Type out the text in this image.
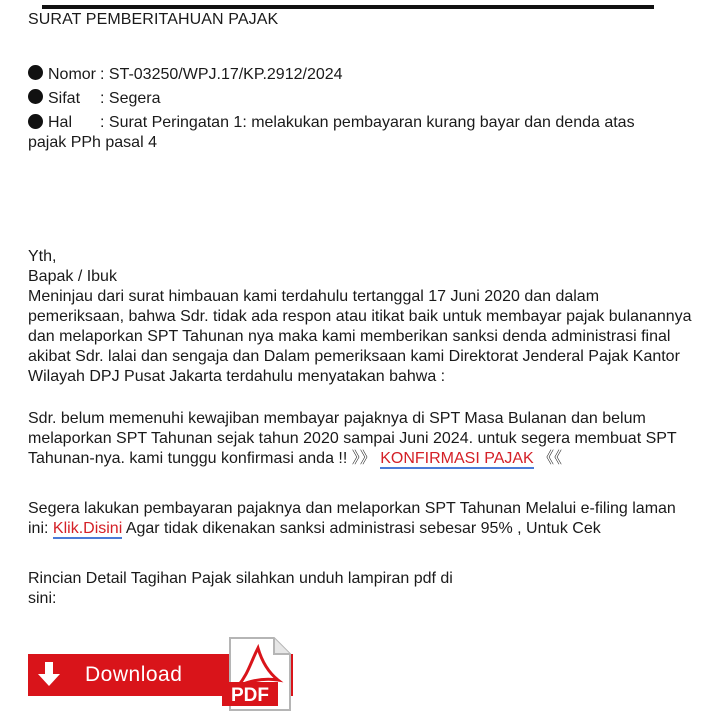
SURAT PEMBERITAHUAN PAJAK
Nomor : ST-03250/WPJ.17/KP.2912/2024
Sifat	: Segera
Hal : Surat Peringatan 1: melakukan pembayaran kurang bayar dan denda atas
pajak PPh pasal 4

Yth,

Bapak / Ibuk

Meninjau dari surat himbauan kami terdahulu tertanggal 17 Juni 2020 dan dalam pemeriksaan, bahwa Sdr. tidak ada respon atau itikat baik untuk membayar pajak bulanannya dan melaporkan SPT Tahunan nya maka kami memberikan sanksi denda administrasi final akibat Sdr. lalai dan sengaja dan Dalam pemeriksaan kami Direktorat Jenderal Pajak Kantor Wilayah DPJ Pusat Jakarta terdahulu menyatakan bahwa :

Sdr. belum memenuhi kewajiban membayar pajaknya di SPT Masa Bulanan dan belum melaporkan SPT Tahunan sejak tahun 2020 sampai Juni 2024. untuk segera membuat SPT Tahunan-nya. kami tunggu konfirmasi anda !! 》》 KONFIRMASI PAJAK 《《

Segera lakukan pembayaran pajaknya dan melaporkan SPT Tahunan Melalui e-filing laman ini: Klik.Disini Agar tidak dikenakan sanksi administrasi sebesar 95% , Untuk Cek

Rincian Detail Tagihan Pajak silahkan unduh lampiran pdf di sini:

Download
PDF
